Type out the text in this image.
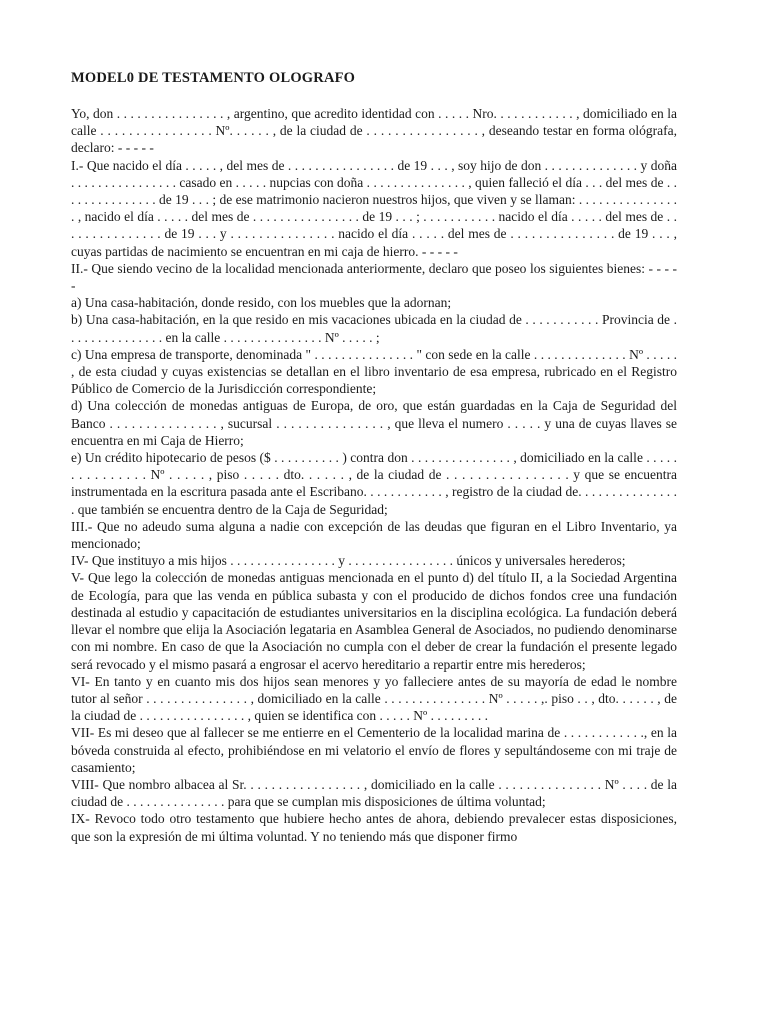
MODEL0 DE TESTAMENTO OLOGRAFO

Yo, don . . . . . . . . . . . . . . . . , argentino, que acredito identidad con . . . . . Nro. . . . . . . . . . . . , domiciliado en la calle . . . . . . . . . . . . . . . . Nº. . . . . . , de la ciudad de . . . . . . . . . . . . . . . . , deseando testar en forma ológrafa, declaro: - - - - -

I.- Que nacido el día . . . . . , del mes de . . . . . . . . . . . . . . . . de 19 . . . , soy hijo de don . . . . . . . . . . . . . . y doña . . . . . . . . . . . . . . . . casado en . . . . . nupcias con doña . . . . . . . . . . . . . . . , quien falleció el día . . . del mes de . . . . . . . . . . . . . . . de 19 . . . ; de ese matrimonio nacieron nuestros hijos, que viven y se llaman: . . . . . . . . . . . . . . . . , nacido el día . . . . . del mes de . . . . . . . . . . . . . . . . de 19 . . . ; . . . . . . . . . . . nacido el día . . . . . del mes de . . . . . . . . . . . . . . . de 19 . . . y . . . . . . . . . . . . . . . nacido el día . . . . . del mes de . . . . . . . . . . . . . . . de 19 . . . , cuyas partidas de nacimiento se encuentran en mi caja de hierro. - - - - -

II.- Que siendo vecino de la localidad mencionada anteriormente, declaro que poseo los siguientes bienes: - - - - -

a) Una casa-habitación, donde resido, con los muebles que la adornan;

b) Una casa-habitación, en la que resido en mis vacaciones ubicada en la ciudad de . . . . . . . . . . . Provincia de . . . . . . . . . . . . . . . en la calle . . . . . . . . . . . . . . . Nº . . . . . ;

c) Una empresa de transporte, denominada " . . . . . . . . . . . . . . . " con sede en la calle . . . . . . . . . . . . . . Nº . . . . . , de esta ciudad y cuyas existencias se detallan en el libro inventario de esa empresa, rubricado en el Registro Público de Comercio de la Jurisdicción correspondiente;

d) Una colección de monedas antiguas de Europa, de oro, que están guardadas en la Caja de Seguridad del Banco . . . . . . . . . . . . . . . , sucursal . . . . . . . . . . . . . . . , que lleva el numero . . . . . y una de cuyas llaves se encuentra en mi Caja de Hierro;

e) Un crédito hipotecario de pesos ($ . . . . . . . . . . ) contra don . . . . . . . . . . . . . . . , domiciliado en la calle . . . . . . . . . . . . . . . Nº . . . . . , piso . . . . . dto. . . . . . , de la ciudad de . . . . . . . . . . . . . . . . y que se encuentra instrumentada en la escritura pasada ante el Escribano. . . . . . . . . . . . , registro de la ciudad de. . . . . . . . . . . . . . . . que también se encuentra dentro de la Caja de Seguridad;

III.- Que no adeudo suma alguna a nadie con excepción de las deudas que figuran en el Libro Inventario, ya mencionado;

IV- Que instituyo a mis hijos . . . . . . . . . . . . . . . . y . . . . . . . . . . . . . . . . únicos y universales herederos;

V- Que lego la colección de monedas antiguas mencionada en el punto d) del título II, a la Sociedad Argentina de Ecología, para que las venda en pública subasta y con el producido de dichos fondos cree una fundación destinada al estudio y capacitación de estudiantes universitarios en la disciplina ecológica. La fundación deberá llevar el nombre que elija la Asociación legataria en Asamblea General de Asociados, no pudiendo denominarse con mi nombre. En caso de que la Asociación no cumpla con el deber de crear la fundación el presente legado será revocado y el mismo pasará a engrosar el acervo hereditario a repartir entre mis herederos;

VI- En tanto y en cuanto mis dos hijos sean menores y yo falleciere antes de su mayoría de edad le nombre tutor al señor . . . . . . . . . . . . . . . , domiciliado en la calle . . . . . . . . . . . . . . . Nº . . . . . ,. piso . . , dto. . . . . . , de la ciudad de . . . . . . . . . . . . . . . . , quien se identifica con . . . . . Nº . . . . . . . . .

VII- Es mi deseo que al fallecer se me entierre en el Cementerio de la localidad marina de . . . . . . . . . . . ., en la bóveda construida al efecto, prohibiéndose en mi velatorio el envío de flores y sepultándoseme con mi traje de casamiento;

VIII- Que nombro albacea al Sr. . . . . . . . . . . . . . . . . , domiciliado en la calle . . . . . . . . . . . . . . . Nº . . . . de la ciudad de . . . . . . . . . . . . . . . para que se cumplan mis disposiciones de última voluntad;

IX- Revoco todo otro testamento que hubiere hecho antes de ahora, debiendo prevalecer estas disposiciones, que son la expresión de mi última voluntad. Y no teniendo más que disponer firmo
